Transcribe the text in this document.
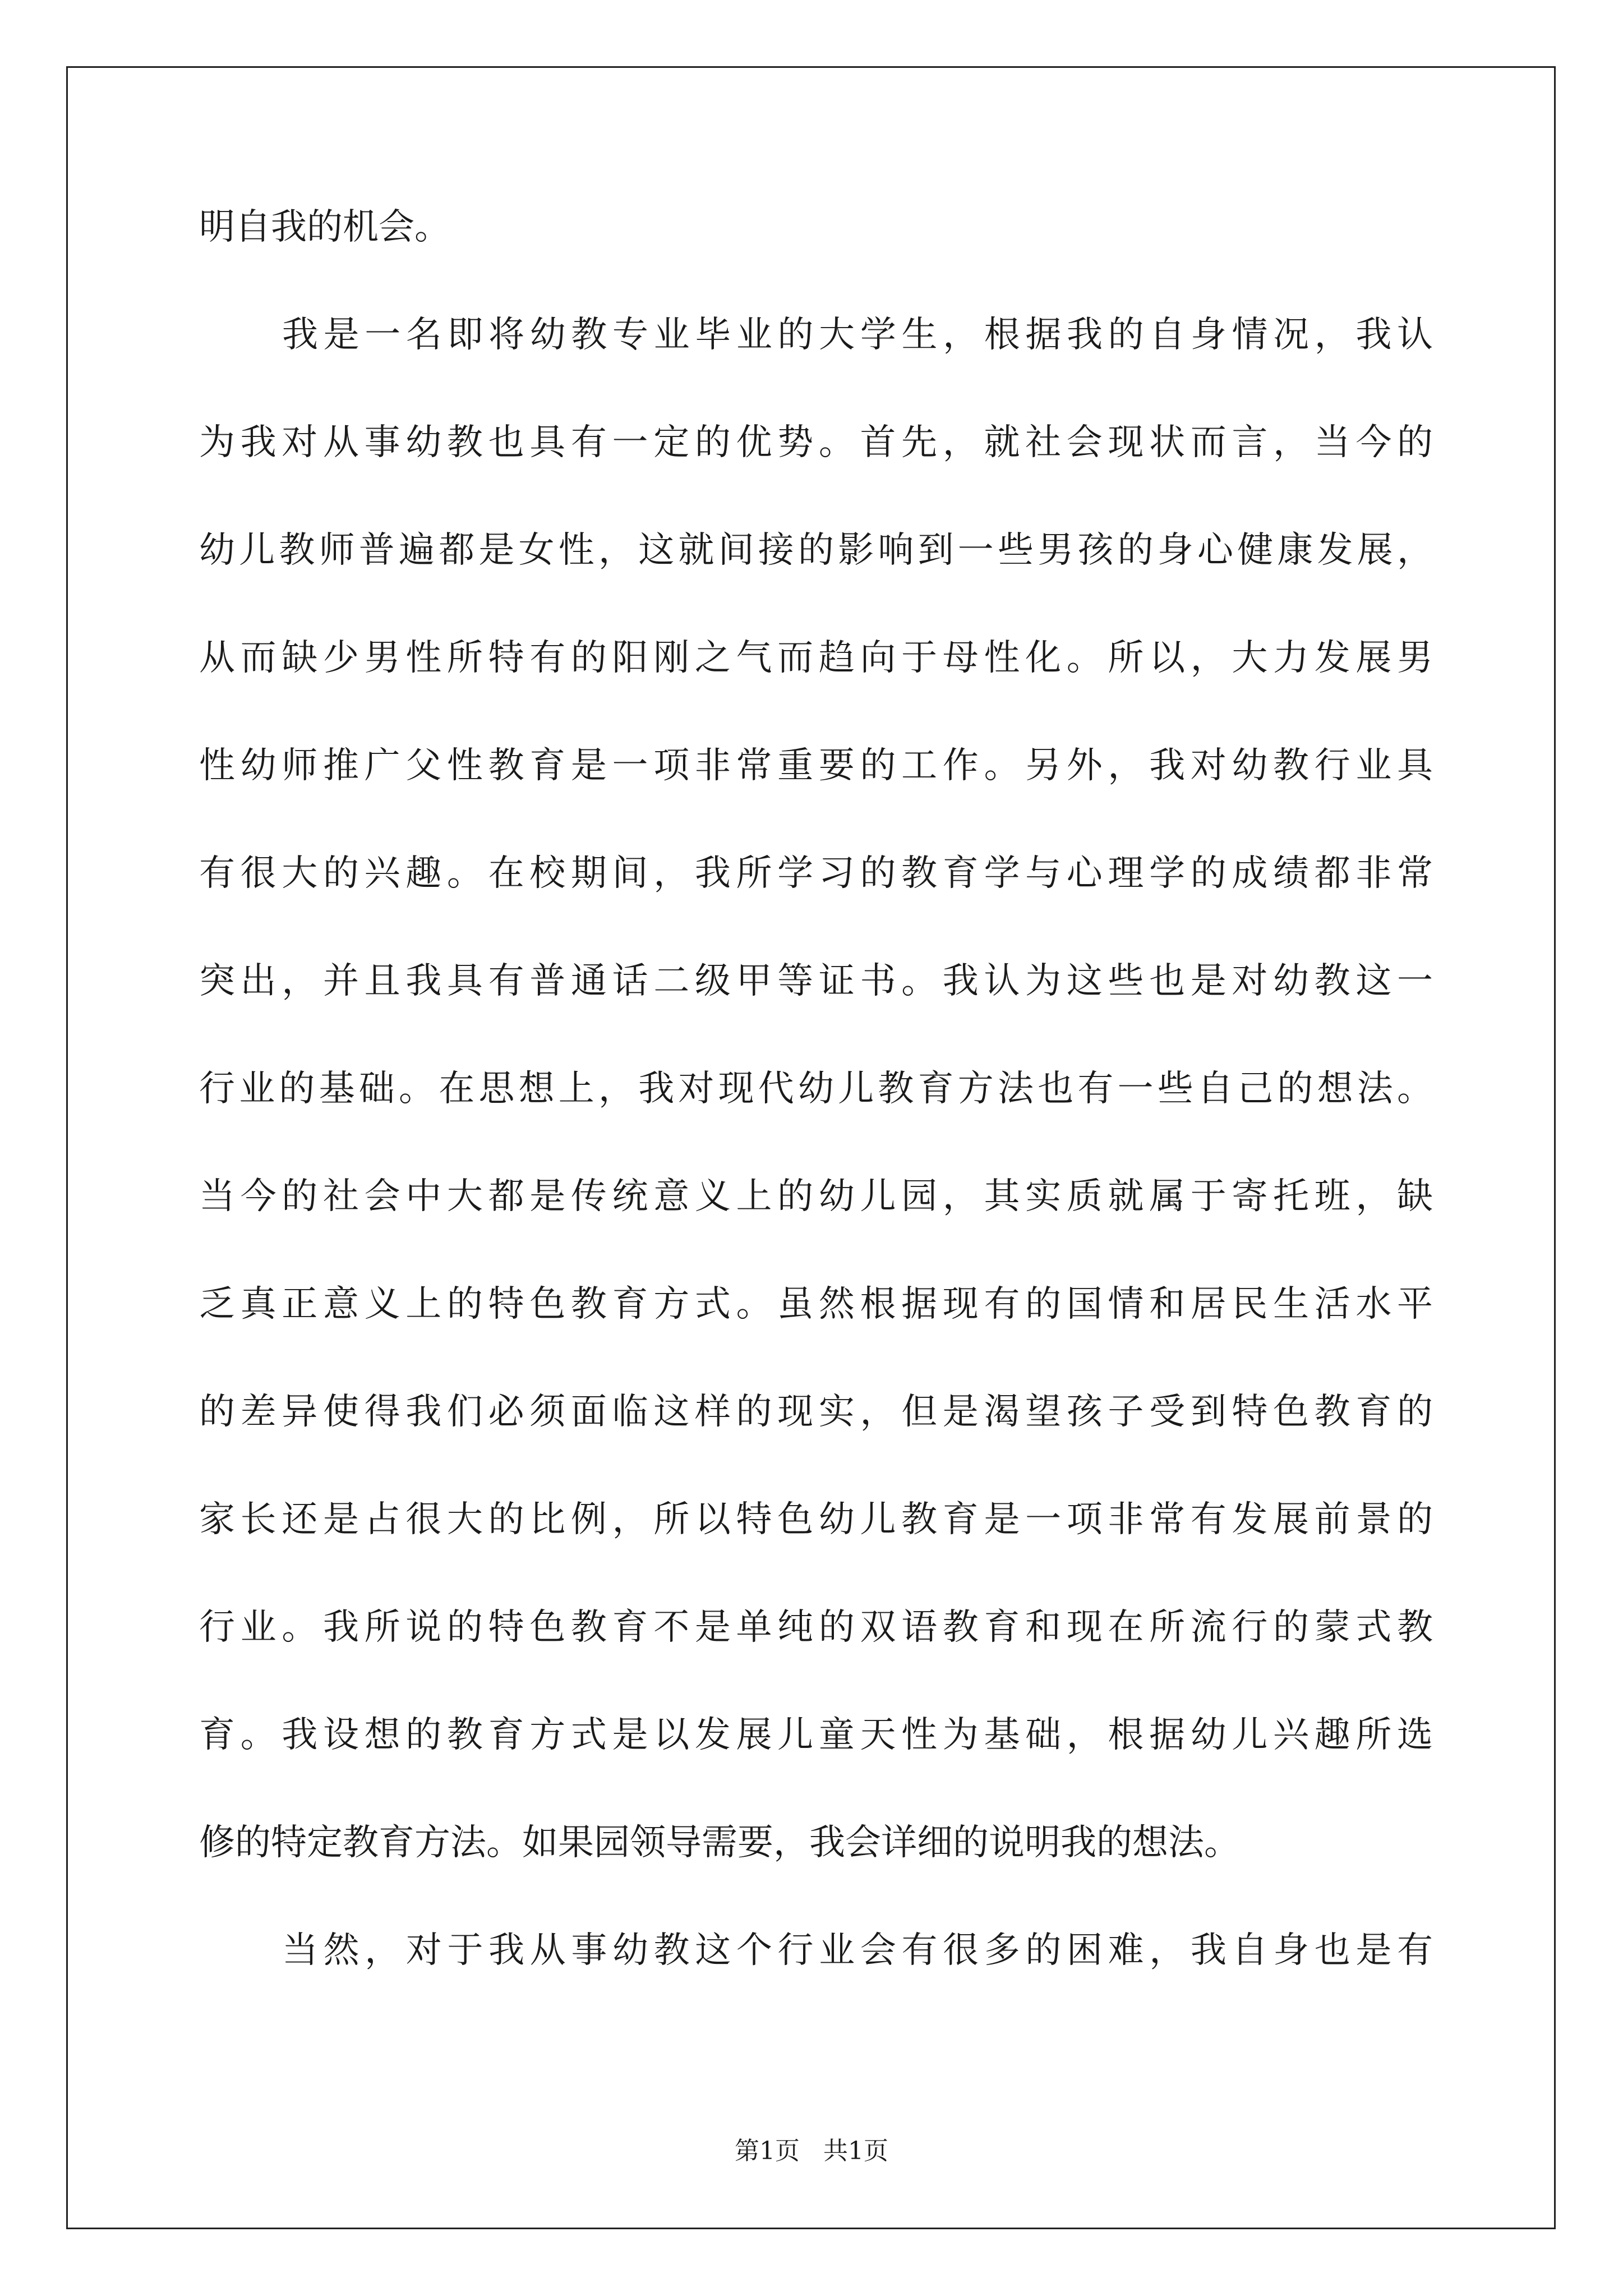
明自我的机会。
我是一名即将幼教专业毕业的大学生，根据我的自身情况，我认
为我对从事幼教也具有一定的优势。首先，就社会现状而言，当今的
幼儿教师普遍都是女性，这就间接的影响到一些男孩的身心健康发展，
从而缺少男性所特有的阳刚之气而趋向于母性化。所以，大力发展男
性幼师推广父性教育是一项非常重要的工作。另外，我对幼教行业具
有很大的兴趣。在校期间，我所学习的教育学与心理学的成绩都非常
突出，并且我具有普通话二级甲等证书。我认为这些也是对幼教这一
行业的基础。在思想上，我对现代幼儿教育方法也有一些自己的想法。
当今的社会中大都是传统意义上的幼儿园，其实质就属于寄托班，缺
乏真正意义上的特色教育方式。虽然根据现有的国情和居民生活水平
的差异使得我们必须面临这样的现实，但是渴望孩子受到特色教育的
家长还是占很大的比例，所以特色幼儿教育是一项非常有发展前景的
行业。我所说的特色教育不是单纯的双语教育和现在所流行的蒙式教
育。我设想的教育方式是以发展儿童天性为基础，根据幼儿兴趣所选
修的特定教育方法。如果园领导需要，我会详细的说明我的想法。
当然，对于我从事幼教这个行业会有很多的困难，我自身也是有
第1页   共1页
